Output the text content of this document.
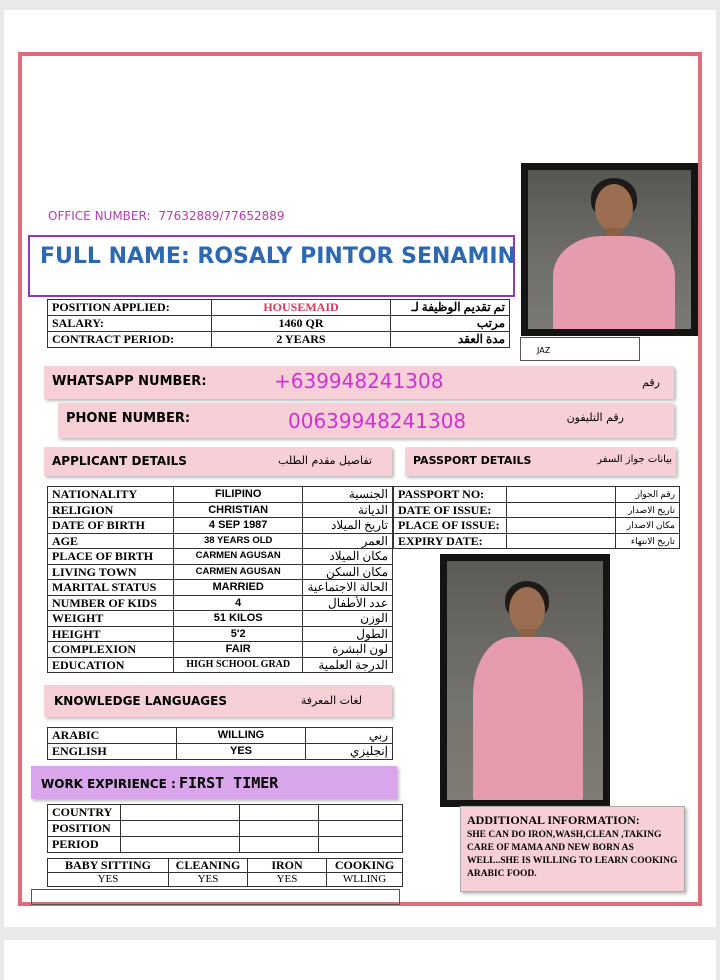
OFFICE NUMBER: 77632889/77652889
FULL NAME: ROSALY PINTOR SENAMIN
JAZ
POSITION APPLIED:	HOUSEMAID	تم تقديم الوظيفة لـ
SALARY:	1460 QR	مرتب
CONTRACT PERIOD:	2 YEARS	مدة العقد
WHATSAPP NUMBER:	+639948241308	رقم
PHONE NUMBER:	00639948241308	رقم التليفون
APPLICANT DETAILS	تفاصيل مقدم الطلب	PASSPORT DETAILS	بيانات جواز السفر
NATIONALITY	FILIPINO	الجنسية
RELIGION	CHRISTIAN	الديانة
DATE OF BIRTH	4 SEP 1987	تاريخ الميلاد
AGE	38 YEARS OLD	العمر
PLACE OF BIRTH	CARMEN AGUSAN	مكان الميلاد
LIVING TOWN	CARMEN AGUSAN	مكان السكن
MARITAL STATUS	MARRIED	الحالة الاجتماعية
NUMBER OF KIDS	4	عدد الأطفال
WEIGHT	51 KILOS	الوزن
HEIGHT	5'2	الطول
COMPLEXION	FAIR	لون البشرة
EDUCATION	HIGH SCHOOL GRAD	الدرجة العلمية
PASSPORT NO:		رقم الجواز
DATE OF ISSUE:		تاريخ الاصدار
PLACE OF ISSUE:		مكان الاصدار
EXPIRY DATE:		تاريخ الانتهاء
KNOWLEDGE LANGUAGES	لغات المعرفة
ARABIC	WILLING	ربي
ENGLISH	YES	إنجليزي
WORK EXPIRIENCE : FIRST TIMER
COUNTRY			
POSITION			
PERIOD			
BABY SITTING	CLEANING	IRON	COOKING
YES	YES	YES	WLLING
ADDITIONAL INFORMATION:
SHE CAN DO IRON,WASH,CLEAN ,TAKING CARE OF MAMA AND NEW BORN AS WELL..SHE IS WILLING TO LEARN COOKING ARABIC FOOD.
